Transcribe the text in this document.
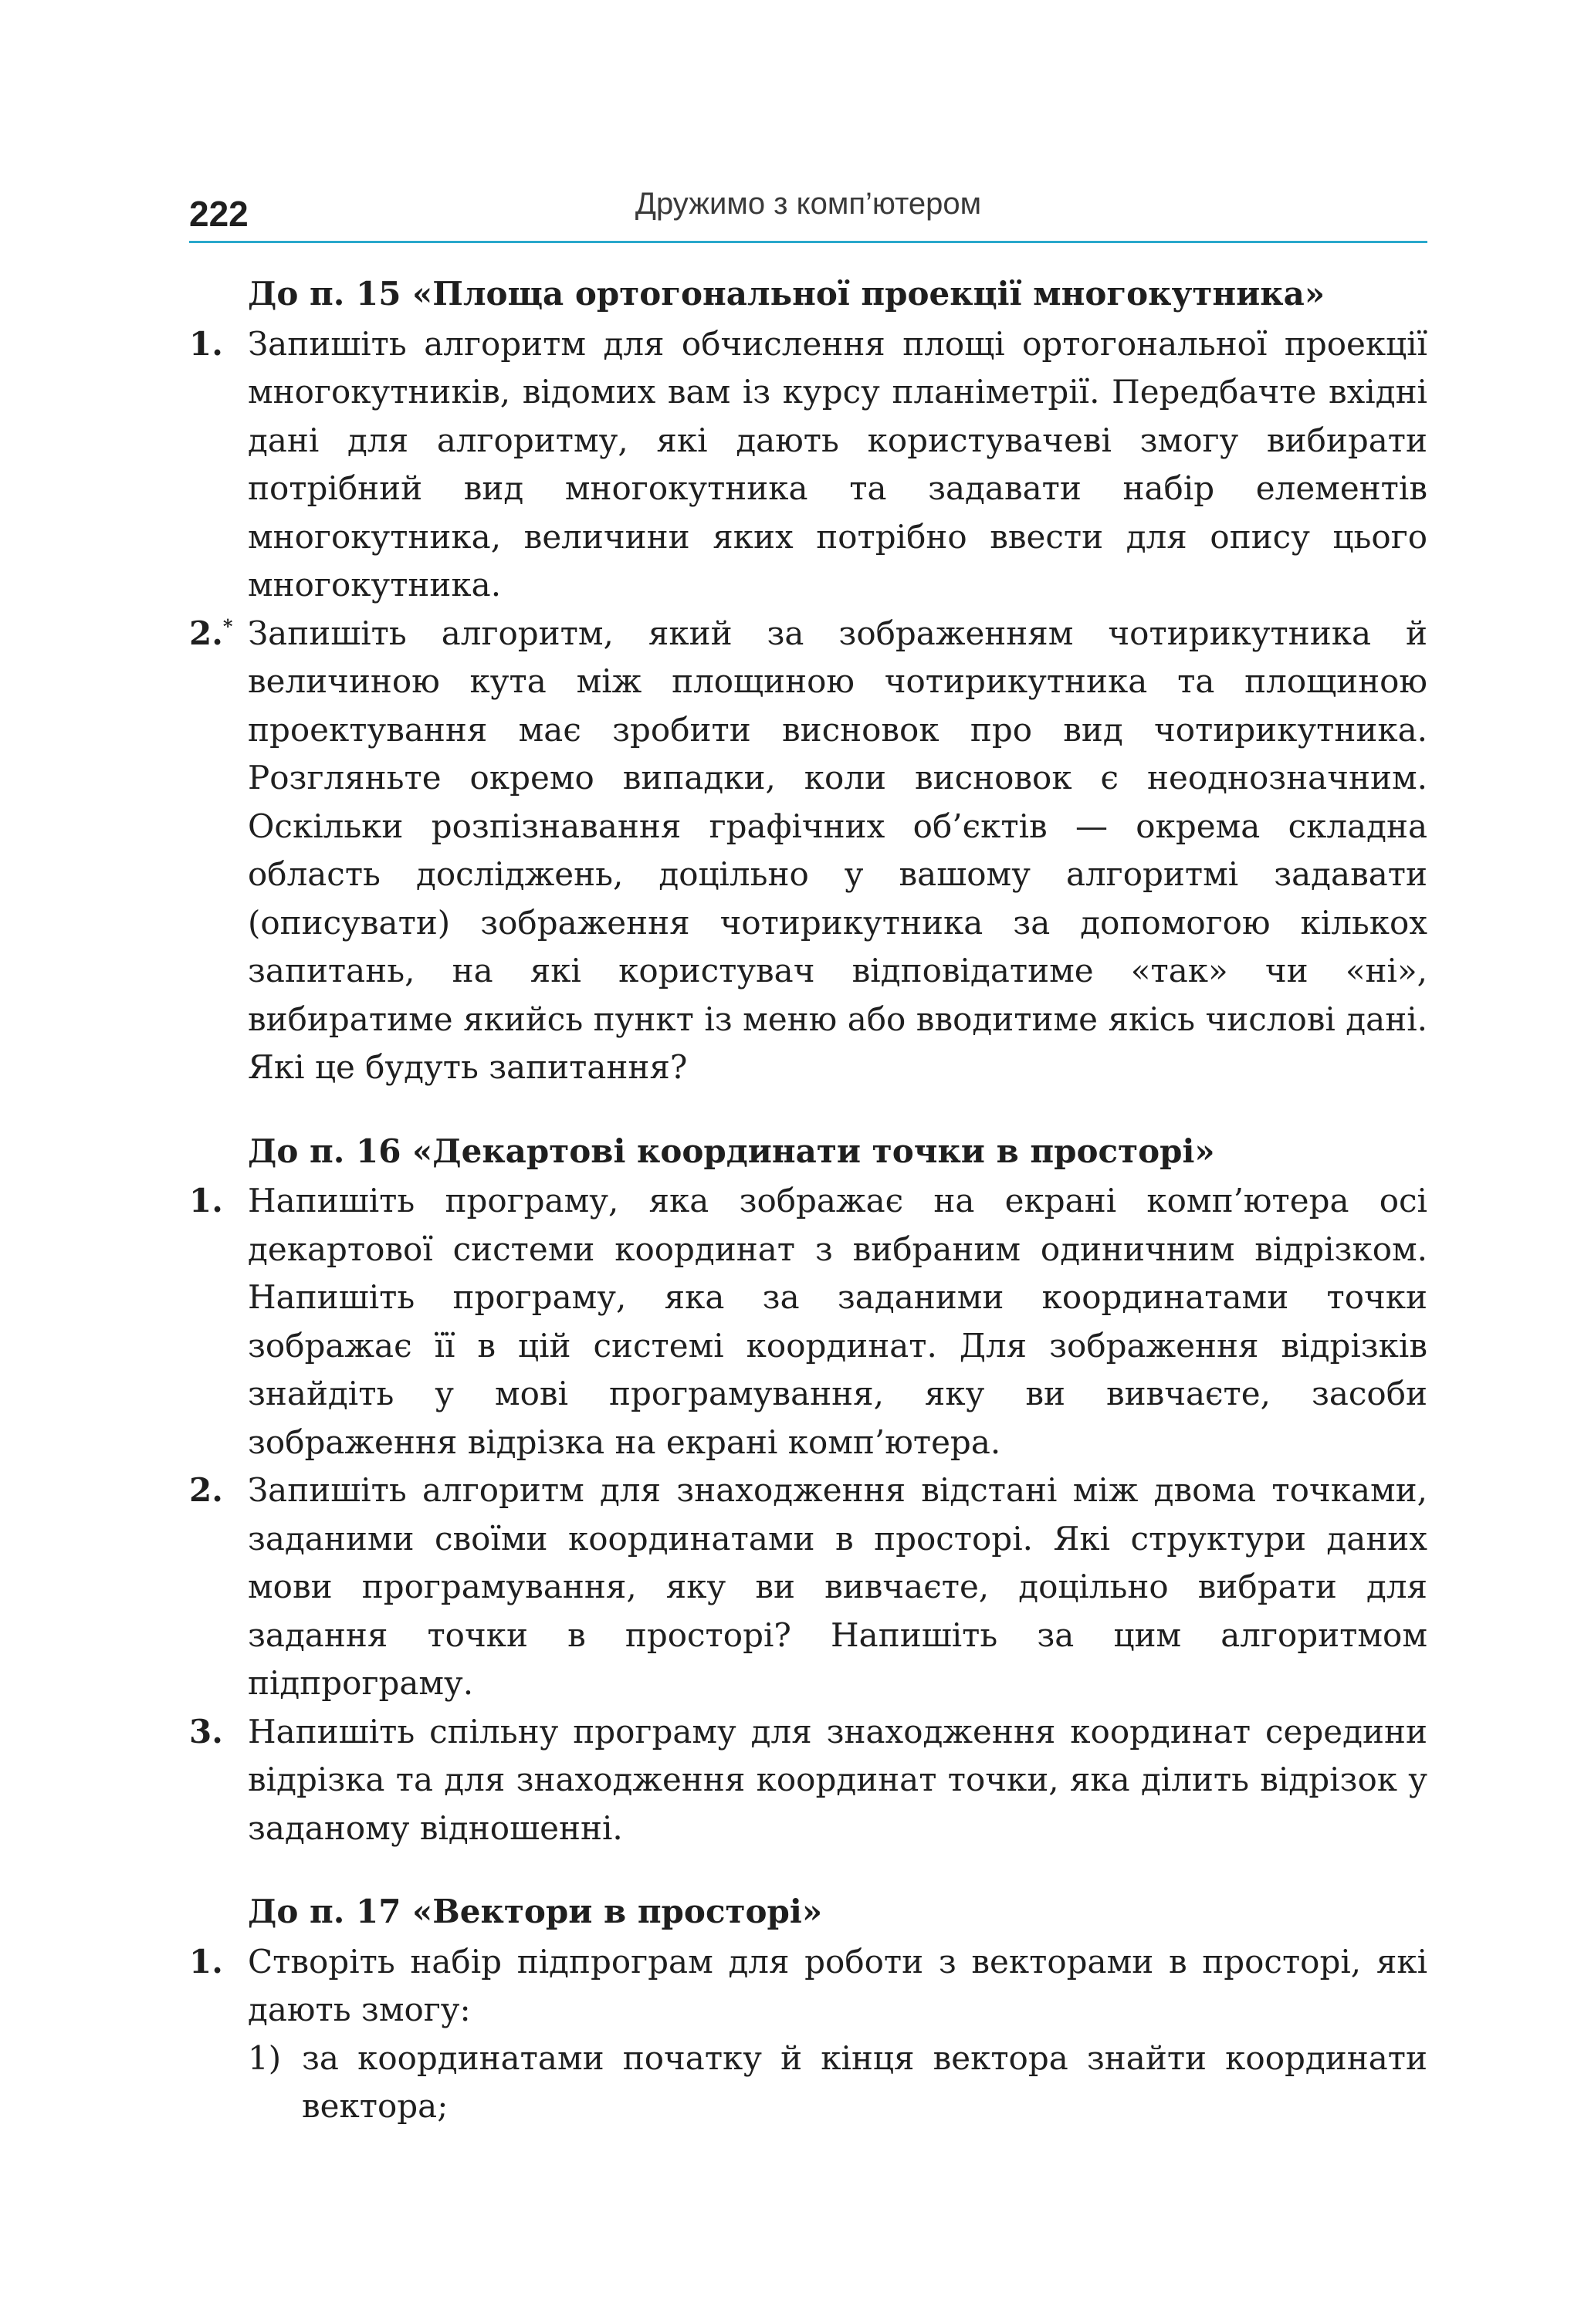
222	Дружимо з комп’ютером

До п. 15 «Площа ортогональної проекції многокутника»

1. Запишіть алгоритм для обчислення площі ортогональної проекції многокутників, відомих вам із курсу планіметрії. Передбачте вхідні дані для алгоритму, які дають користувачеві змогу вибирати потрібний вид многокутника та задавати набір елементів многокутника, величини яких потрібно ввести для опису цього многокутника.

2.* Запишіть алгоритм, який за зображенням чотирикутника й величиною кута між площиною чотирикутника та площиною проектування має зробити висновок про вид чотирикутника. Розгляньте окремо випадки, коли висновок є неоднозначним. Оскільки розпізнавання графічних об’єктів — окрема складна область досліджень, доцільно у вашому алгоритмі задавати (описувати) зображення чотирикутника за допомогою кількох запитань, на які користувач відповідатиме «так» чи «ні», вибиратиме якийсь пункт із меню або вводитиме якісь числові дані. Які це будуть запитання?

До п. 16 «Декартові координати точки в просторі»

1. Напишіть програму, яка зображає на екрані комп’ютера осі декартової системи координат з вибраним одиничним відрізком. Напишіть програму, яка за заданими координатами точки зображає її в цій системі координат. Для зображення відрізків знайдіть у мові програмування, яку ви вивчаєте, засоби зображення відрізка на екрані комп’ютера.

2. Запишіть алгоритм для знаходження відстані між двома точками, заданими своїми координатами в просторі. Які структури даних мови програмування, яку ви вивчаєте, доцільно вибрати для задання точки в просторі? Напишіть за цим алгоритмом підпрограму.

3. Напишіть спільну програму для знаходження координат середини відрізка та для знаходження координат точки, яка ділить відрізок у заданому відношенні.

До п. 17 «Вектори в просторі»

1. Створіть набір підпрограм для роботи з векторами в просторі, які дають змогу:

1) за координатами початку й кінця вектора знайти координати вектора;
